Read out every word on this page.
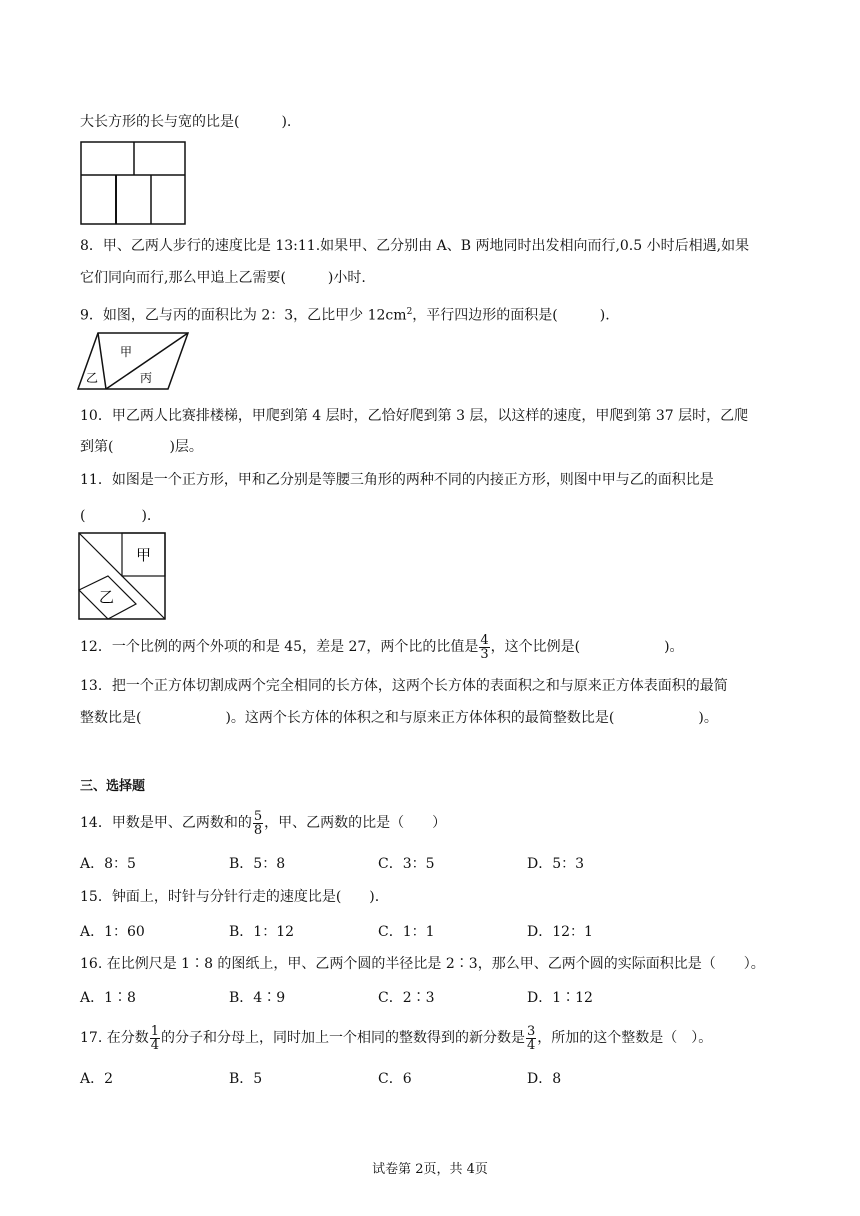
大长方形的长与宽的比是(　　　).
8．甲、乙两人步行的速度比是 13:11.如果甲、乙分别由 A、B 两地同时出发相向而行,0.5 小时后相遇,如果
它们同向而行,那么甲追上乙需要(　　　)小时.
9．如图，乙与丙的面积比为 2：3，乙比甲少 $12cm^2$，平行四边形的面积是(　　　).
甲
乙	丙
10．甲乙两人比赛排楼梯，甲爬到第 4 层时，乙恰好爬到第 3 层，以这样的速度，甲爬到第 37 层时，乙爬
到第(　　　　)层。
11．如图是一个正方形，甲和乙分别是等腰三角形的两种不同的内接正方形，则图中甲与乙的面积比是
(　　　　).
甲
乙
12．一个比例的两个外项的和是 45，差是 27，两个比的比值是 $\frac{4}{3}$ ，这个比例是(　　　　　　)。
13．把一个正方体切割成两个完全相同的长方体，这两个长方体的表面积之和与原来正方体表面积的最简
整数比是(　　　　　　)。这两个长方体的体积之和与原来正方体体积的最简整数比是(　　　　　　)。
三、选择题
14．甲数是甲、乙两数和的 $\frac{5}{8}$ ，甲、乙两数的比是（　　）
A．8：5	B．5：8	C．3：5	D．5：3
15．钟面上，时针与分针行走的速度比是(　　).
A．1：60	B．1：12	C．1：1	D．12：1
16. 在比例尺是 1∶8 的图纸上，甲、乙两个圆的半径比是 2∶3，那么甲、乙两个圆的实际面积比是（　　）。
A．1∶8	B．4∶9	C．2∶3	D．1∶12
17. 在分数 $\frac{1}{4}$ 的分子和分母上，同时加上一个相同的整数得到的新分数是 $\frac{3}{4}$ ，所加的这个整数是（　）。
A．2	B．5	C．6	D．8
试卷第 2页，共 4页
